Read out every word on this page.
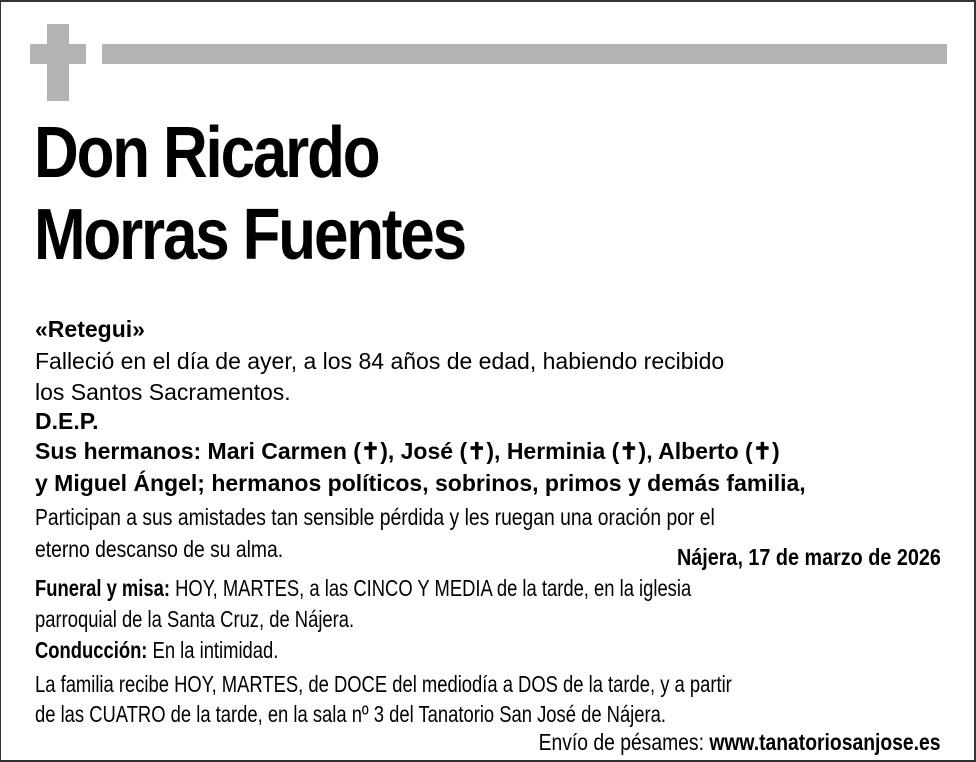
Don Ricardo
Morras Fuentes
«Retegui»
Falleció en el día de ayer, a los 84 años de edad, habiendo recibido
los Santos Sacramentos.
D.E.P.
Sus hermanos: Mari Carmen (✝), José (✝), Herminia (✝), Alberto (✝)
y Miguel Ángel; hermanos políticos, sobrinos, primos y demás familia,
Participan a sus amistades tan sensible pérdida y les ruegan una oración por el
eterno descanso de su alma.	Nájera, 17 de marzo de 2026
Funeral y misa: HOY, MARTES, a las CINCO Y MEDIA de la tarde, en la iglesia
parroquial de la Santa Cruz, de Nájera.
Conducción: En la intimidad.
La familia recibe HOY, MARTES, de DOCE del mediodía a DOS de la tarde, y a partir
de las CUATRO de la tarde, en la sala nº 3 del Tanatorio San José de Nájera.
Envío de pésames: www.tanatoriosanjose.es
